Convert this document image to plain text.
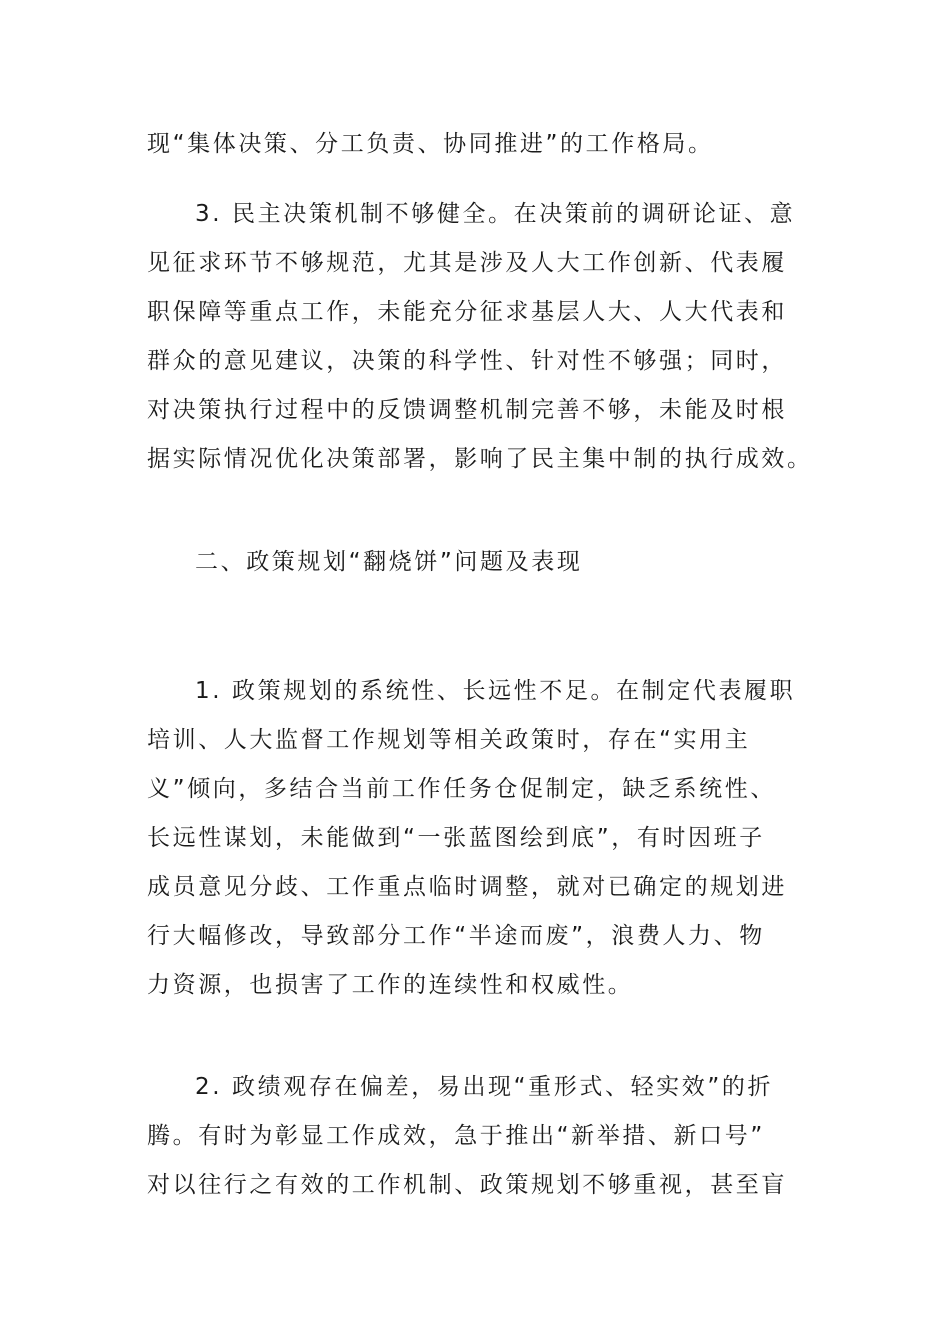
现“集体决策、分工负责、协同推进”的工作格局。
3. 民主决策机制不够健全。在决策前的调研论证、意
见征求环节不够规范，尤其是涉及人大工作创新、代表履
职保障等重点工作，未能充分征求基层人大、人大代表和
群众的意见建议，决策的科学性、针对性不够强；同时，
对决策执行过程中的反馈调整机制完善不够，未能及时根
据实际情况优化决策部署，影响了民主集中制的执行成效。
二、政策规划“翻烧饼”问题及表现
1. 政策规划的系统性、长远性不足。在制定代表履职
培训、人大监督工作规划等相关政策时，存在“实用主
义”倾向，多结合当前工作任务仓促制定，缺乏系统性、
长远性谋划，未能做到“一张蓝图绘到底”，有时因班子
成员意见分歧、工作重点临时调整，就对已确定的规划进
行大幅修改，导致部分工作“半途而废”，浪费人力、物
力资源，也损害了工作的连续性和权威性。
2. 政绩观存在偏差，易出现“重形式、轻实效”的折
腾。有时为彰显工作成效，急于推出“新举措、新口号”
对以往行之有效的工作机制、政策规划不够重视，甚至盲
